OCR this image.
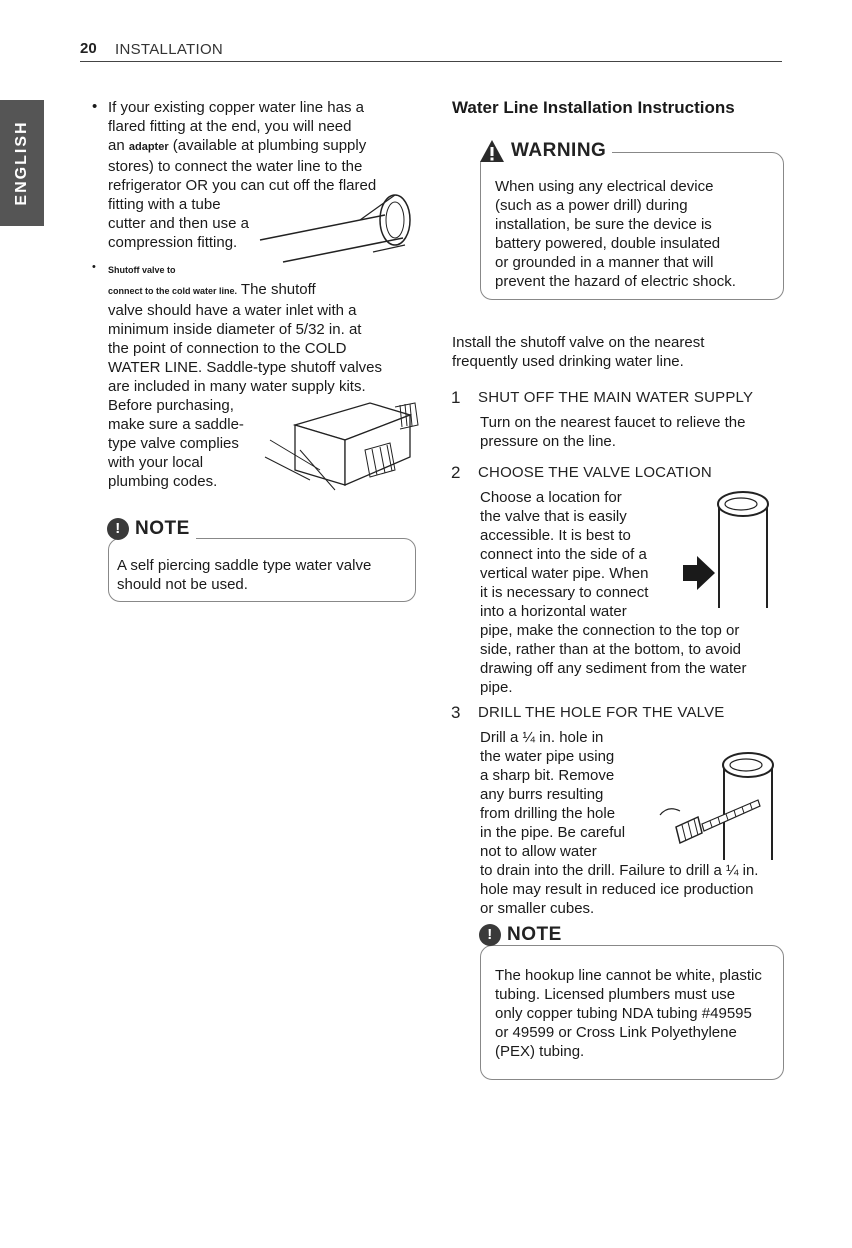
20 INSTALLATION
ENGLISH
• If your existing copper water line has a
flared fitting at the end, you will need
an adapter (available at plumbing supply
stores) to connect the water line to the
refrigerator OR you can cut off the flared
fitting with a tube
cutter and then use a
compression fitting.
• Shutoff valve to
connect to the cold water line. The shutoff
valve should have a water inlet with a
minimum inside diameter of 5/32 in. at
the point of connection to the COLD
WATER LINE. Saddle-type shutoff valves
are included in many water supply kits.
Before purchasing,
make sure a saddle-
type valve complies
with your local
plumbing codes.
! NOTE
A self piercing saddle type water valve
should not be used.
Water Line Installation Instructions
WARNING
When using any electrical device
(such as a power drill) during
installation, be sure the device is
battery powered, double insulated
or grounded in a manner that will
prevent the hazard of electric shock.
Install the shutoff valve on the nearest
frequently used drinking water line.
1 SHUT OFF THE MAIN WATER SUPPLY
Turn on the nearest faucet to relieve the
pressure on the line.
2 CHOOSE THE VALVE LOCATION
Choose a location for
the valve that is easily
accessible. It is best to
connect into the side of a
vertical water pipe. When
it is necessary to connect
into a horizontal water
pipe, make the connection to the top or
side, rather than at the bottom, to avoid
drawing off any sediment from the water
pipe.
3 DRILL THE HOLE FOR THE VALVE
Drill a ¼ in. hole in
the water pipe using
a sharp bit. Remove
any burrs resulting
from drilling the hole
in the pipe. Be careful
not to allow water
to drain into the drill. Failure to drill a ¼ in.
hole may result in reduced ice production
or smaller cubes.
! NOTE
The hookup line cannot be white, plastic
tubing. Licensed plumbers must use
only copper tubing NDA tubing #49595
or 49599 or Cross Link Polyethylene
(PEX) tubing.
